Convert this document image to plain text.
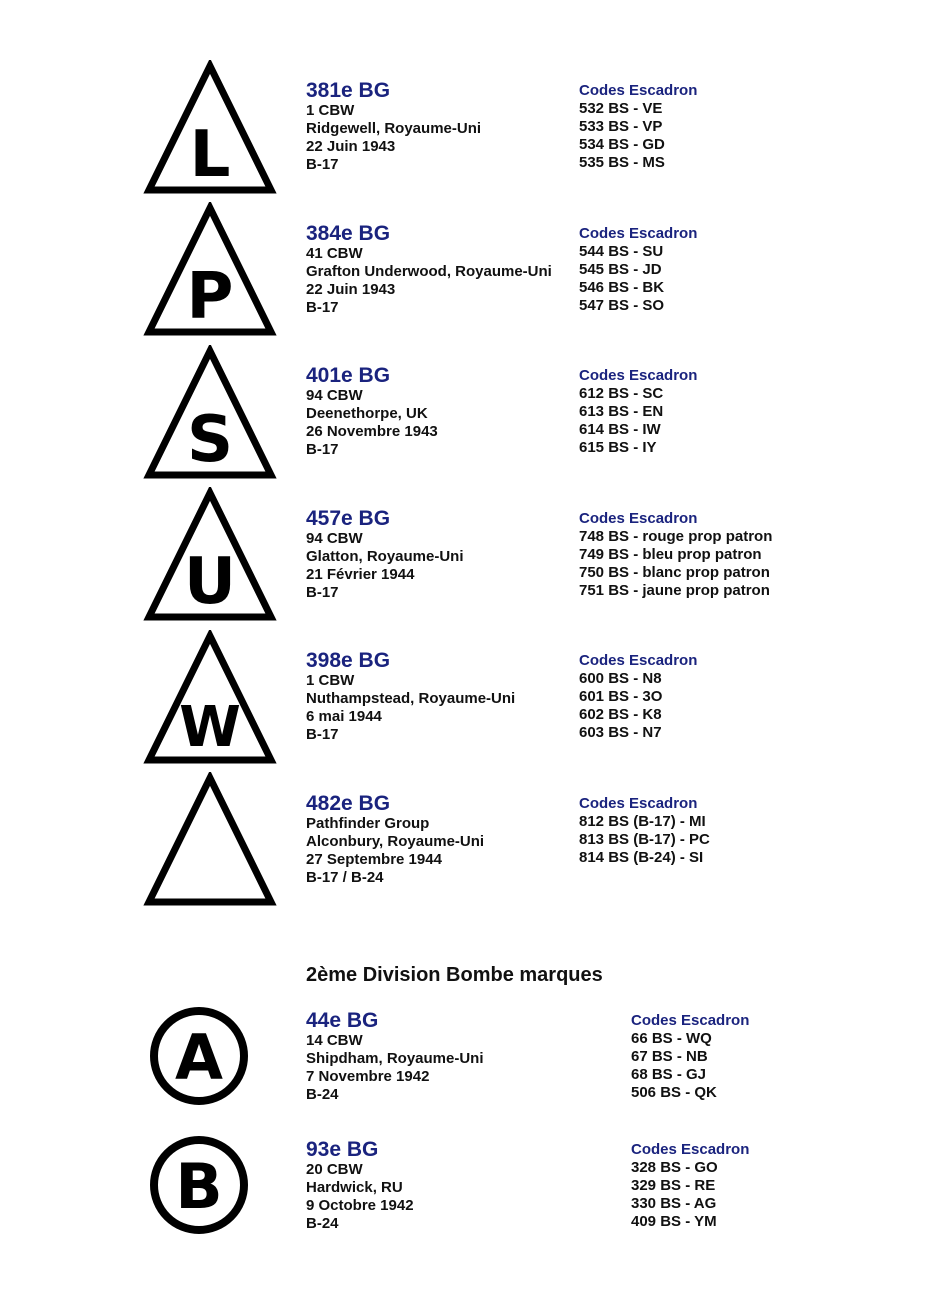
L
381e BG
1 CBW
Ridgewell, Royaume-Uni
22 Juin 1943
B-17
Codes Escadron
532 BS - VE
533 BS - VP
534 BS - GD
535 BS - MS
P
384e BG
41 CBW
Grafton Underwood, Royaume-Uni
22 Juin 1943
B-17
Codes Escadron
544 BS - SU
545 BS - JD
546 BS - BK
547 BS - SO
S
401e BG
94 CBW
Deenethorpe, UK
26 Novembre 1943
B-17
Codes Escadron
612 BS - SC
613 BS - EN
614 BS - IW
615 BS - IY
U
457e BG
94 CBW
Glatton, Royaume-Uni
21 Février 1944
B-17
Codes Escadron
748 BS - rouge prop patron
749 BS - bleu prop patron
750 BS - blanc prop patron
751 BS - jaune prop patron
W
398e BG
1 CBW
Nuthampstead, Royaume-Uni
6 mai 1944
B-17
Codes Escadron
600 BS - N8
601 BS - 3O
602 BS - K8
603 BS - N7
482e BG
Pathfinder Group
Alconbury, Royaume-Uni
27 Septembre 1944
B-17 / B-24
Codes Escadron
812 BS (B-17) - MI
813 BS (B-17) - PC
814 BS (B-24) - SI
2ème Division Bombe marques
A
44e BG
14 CBW
Shipdham, Royaume-Uni
7 Novembre 1942
B-24
Codes Escadron
66 BS - WQ
67 BS - NB
68 BS - GJ
506 BS - QK
B
93e BG
20 CBW
Hardwick, RU
9 Octobre 1942
B-24
Codes Escadron
328 BS - GO
329 BS - RE
330 BS - AG
409 BS - YM
